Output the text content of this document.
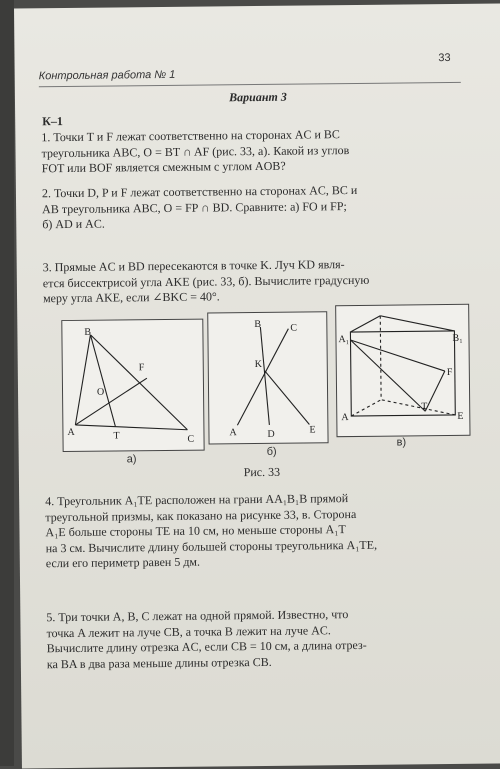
Контрольная работа № 1
33
Вариант 3
К–1
1. Точки T и F лежат соответственно на сторонах AC и BC
треугольника ABC, O = BT ∩ AF (рис. 33, а). Какой из углов
FOT или BOF является смежным с углом AOB?
2. Точки D, P и F лежат соответственно на сторонах AC, BC и
AB треугольника ABC, O = FP ∩ BD. Сравните: а) FO и FP;
б) AD и AC.
3. Прямые AC и BD пересекаются в точке K. Луч KD явля-
ется биссектрисой угла AKE (рис. 33, б). Вычислите градусную
меру угла AKE, если ∠BKC = 40°.
B
F
O
A	T	C
а)
B	C
K
A	D	E
б)
A₁	B₁
F
A
T
E
в)
Рис. 33
4. Треугольник A₁TE расположен на грани AA₁B₁B прямой
треугольной призмы, как показано на рисунке 33, в. Сторона
A₁E больше стороны TE на 10 см, но меньше стороны A₁T
на 3 см. Вычислите длину большей стороны треугольника A₁TE,
если его периметр равен 5 дм.
5. Три точки A, B, C лежат на одной прямой. Известно, что
точка A лежит на луче CB, а точка B лежит на луче AC.
Вычислите длину отрезка AC, если CB = 10 см, а длина отрез-
ка BA в два раза меньше длины отрезка CB.
